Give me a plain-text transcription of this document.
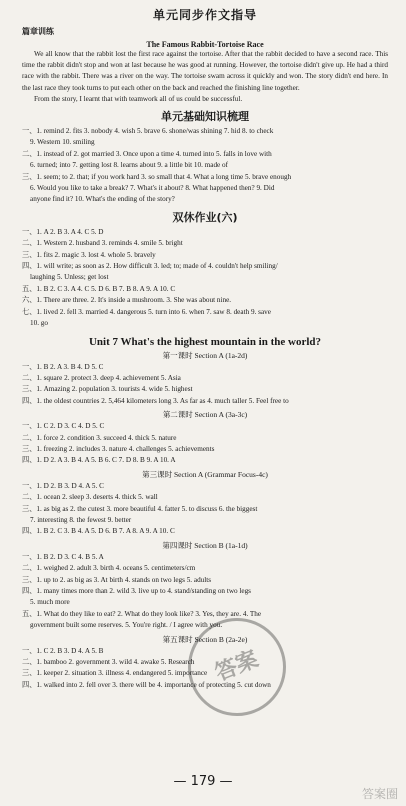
单元同步作文指导
篇章训练
The Famous Rabbit-Tortoise Race

We all know that the rabbit lost the first race against the tortoise. After that the rabbit decided to have a second race. This time the rabbit didn't stop and won at last because he was good at running. However, the tortoise didn't give up. He had a third race with the rabbit. There was a river on the way. The tortoise swam across it quickly and won. The story didn't end here. In the last race they took turns to put each other on the back and reached the finishing line together.

From the story, I learnt that with teamwork all of us could be successful.

单元基础知识梳理
一、1. remind 2. fits 3. nobody 4. wish 5. brave 6. shone/was shining 7. hid 8. to check
9. Western 10. smiling
二、1. instead of 2. got married 3. Once upon a time 4. turned into 5. falls in love with
6. turned; into 7. getting lost 8. learns about 9. a little bit 10. made of
三、1. seem; to 2. that; if you work hard 3. so small that 4. What a long time 5. brave enough
6. Would you like to take a break? 7. What's it about? 8. What happened then? 9. Did
anyone find it? 10. What's the ending of the story?
双休作业(六)
一、1. A 2. B 3. A 4. C 5. D
二、1. Western 2. husband 3. reminds 4. smile 5. bright
三、1. fits 2. magic 3. lost 4. whole 5. bravely
四、1. will write; as soon as 2. How difficult 3. led; to; made of 4. couldn't help smiling/
laughing 5. Unless; get lost
五、1. B 2. C 3. A 4. C 5. D 6. B 7. B 8. A 9. A 10. C
六、1. There are three. 2. It's inside a mushroom. 3. She was about nine.
七、1. lived 2. fell 3. married 4. dangerous 5. turn into 6. when 7. saw 8. death 9. save
10. go
Unit 7 What's the highest mountain in the world?
第一课时 Section A (1a-2d)
一、1. B 2. A 3. B 4. D 5. C
二、1. square 2. protect 3. deep 4. achievement 5. Asia
三、1. Amazing 2. population 3. tourists 4. wide 5. highest
四、1. the oldest countries 2. 5,464 kilometers long 3. As far as 4. much taller 5. Feel free to
第二课时 Section A (3a-3c)
一、1. C 2. D 3. C 4. D 5. C
二、1. force 2. condition 3. succeed 4. thick 5. nature
三、1. freezing 2. includes 3. nature 4. challenges 5. achievements
四、1. D 2. A 3. B 4. A 5. B 6. C 7. D 8. B 9. A 10. A
第三课时 Section A (Grammar Focus-4c)
一、1. D 2. B 3. D 4. A 5. C
二、1. ocean 2. sleep 3. deserts 4. thick 5. wall
三、1. as big as 2. the cutest 3. more beautiful 4. fatter 5. to discuss 6. the biggest
7. interesting 8. the fewest 9. better
四、1. B 2. C 3. B 4. A 5. D 6. B 7. A 8. A 9. A 10. C
第四课时 Section B (1a-1d)
一、1. B 2. D 3. C 4. B 5. A
二、1. weighed 2. adult 3. birth 4. oceans 5. centimeters/cm
三、1. up to 2. as big as 3. At birth 4. stands on two legs 5. adults
四、1. many times more than 2. wild 3. live up to 4. stand/standing on two legs
5. much more
五、1. What do they like to eat? 2. What do they look like? 3. Yes, they are. 4. The
government built some reserves. 5. You're right. / I agree with you.
第五课时 Section B (2a-2e)
一、1. C 2. B 3. D 4. A 5. B
二、1. bamboo 2. government 3. wild 4. awake 5. Research
三、1. keeper 2. situation 3. illness 4. endangered 5. importance
四、1. walked into 2. fell over 3. there will be 4. importance of protecting 5. cut down
答案
— 179 —
答案圈
